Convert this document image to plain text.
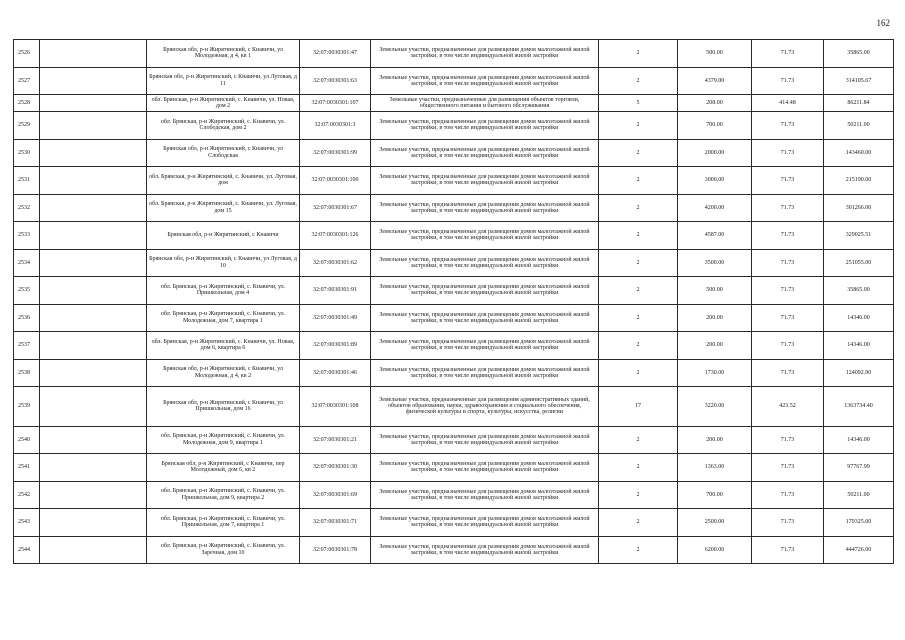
162
2526		Брянская обл, р-н Жирятинский, с Кнавичи, ул Молодежная, д 4, кв 1	32:07:0030301:47	Земельные участки, предназначенные для размещения домов малоэтажной жилой застройки, в том числе индивидуальной жилой застройки	2	500.00	71.73	35865.00
2527		Брянская обл, р-н Жирятинский, с Кнавичи, ул Луговая, д 11	32:07:0030301:63	Земельные участки, предназначенные для размещения домов малоэтажной жилой застройки, в том числе индивидуальной жилой застройки	2	4379.00	71.73	314105.67
2528		обл. Брянская, р-н Жирятинский, с. Кнавичи, ул. Новая, дом 2	32:07:0030301:107	Земельные участки, предназначенные для размещения объектов торговли, общественного питания и бытового обслуживания	5	208.00	414.48	86211.84
2529		обл. Брянская, р-н Жирятинский, с. Кнавичи, ул. Слободская, дом 2	32:07:0030301:3	Земельные участки, предназначенные для размещения домов малоэтажной жилой застройки, в том числе индивидуальной жилой застройки	2	700.00	71.73	50211.00
2530		Брянская обл, р-н Жирятинский, с Кнавичи, ул Слободская	32:07:0030301:99	Земельные участки, предназначенные для размещения домов малоэтажной жилой застройки, в том числе индивидуальной жилой застройки	2	2000.00	71.73	143460.00
2531		обл. Брянская, р-н Жирятинский, с. Кнавичи, ул. Луговая, дом	32:07:0030301:100	Земельные участки, предназначенные для размещения домов малоэтажной жилой застройки, в том числе индивидуальной жилой застройки	2	3000.00	71.73	215190.00
2532		обл. Брянская, р-н Жирятинский, с. Кнавичи, ул. Луговая, дом 15	32:07:0030301:67	Земельные участки, предназначенные для размещения домов малоэтажной жилой застройки, в том числе индивидуальной жилой застройки	2	4200.00	71.73	301266.00
2533		Брянская обл, р-н Жирятинский, с Кнавичи	32:07:0030301:126	Земельные участки, предназначенные для размещения домов малоэтажной жилой застройки, в том числе индивидуальной жилой застройки	2	4587.00	71.73	329025.51
2534		Брянская обл, р-н Жирятинский, с Кнавичи, ул Луговая, д 10	32:07:0030301:62	Земельные участки, предназначенные для размещения домов малоэтажной жилой застройки, в том числе индивидуальной жилой застройки	2	3500.00	71.73	251055.00
2535		обл. Брянская, р-н Жирятинский, с. Кнавичи, ул. Пришкольная, дом 4	32:07:0030301:91	Земельные участки, предназначенные для размещения домов малоэтажной жилой застройки, в том числе индивидуальной жилой застройки	2	500.00	71.73	35865.00
2536		обл. Брянская, р-н Жирятинский, с. Кнавичи, ул. Молодежная, дом 7, квартира 1	32:07:0030301:49	Земельные участки, предназначенные для размещения домов малоэтажной жилой застройки, в том числе индивидуальной жилой застройки	2	200.00	71.73	14346.00
2537		обл. Брянская, р-н Жирятинский, с. Кнавичи, ул. Новая, дом 6, квартира 6	32:07:0030301:89	Земельные участки, предназначенные для размещения домов малоэтажной жилой застройки, в том числе индивидуальной жилой застройки	2	200.00	71.73	14346.00
2538		Брянская обл, р-н Жирятинский, с Кнавичи, ул Молодежная, д 4, кв 2	32:07:0030301:46	Земельные участки, предназначенные для размещения домов малоэтажной жилой застройки, в том числе индивидуальной жилой застройки	2	1730.00	71.73	124092.90
2539		Брянская обл, р-н Жирятинский, с Кнавичи, ул Пришкольная, дом 16	32:07:0030301:108	Земельные участки, предназначенные для размещения административных зданий, объектов образования, науки, здравоохранения и социального обеспечения, физической культуры и спорта, культуры, искусства, религии	17	3220.00	423.52	1363734.40
2540		обл. Брянская, р-н Жирятинский, с. Кнавичи, ул. Молодежная, дом 9, квартира 1	32:07:0030301:21	Земельные участки, предназначенные для размещения домов малоэтажной жилой застройки, в том числе индивидуальной жилой застройки	2	200.00	71.73	14346.00
2541		Брянская обл, р-н Жирятинский, с Кнавичи, пер Молодежный, дом 6, кв 2	32:07:0030301:30	Земельные участки, предназначенные для размещения домов малоэтажной жилой застройки, в том числе индивидуальной жилой застройки	2	1363.00	71.73	97767.99
2542		обл. Брянская, р-н Жирятинский, с. Кнавичи, ул. Пришкольная, дом 9, квартира 2	32:07:0030301:69	Земельные участки, предназначенные для размещения домов малоэтажной жилой застройки, в том числе индивидуальной жилой застройки	2	700.00	71.73	50211.00
2543		обл. Брянская, р-н Жирятинский, с. Кнавичи, ул. Пришкольная, дом 7, квартира 1	32:07:0030301:71	Земельные участки, предназначенные для размещения домов малоэтажной жилой застройки, в том числе индивидуальной жилой застройки	2	2500.00	71.73	179325.00
2544		обл. Брянская, р-н Жирятинский, с. Кнавичи, ул. Заречная, дом 10	32:07:0030301:78	Земельные участки, предназначенные для размещения домов малоэтажной жилой застройки, в том числе индивидуальной жилой застройки	2	6200.00	71.73	444726.00
